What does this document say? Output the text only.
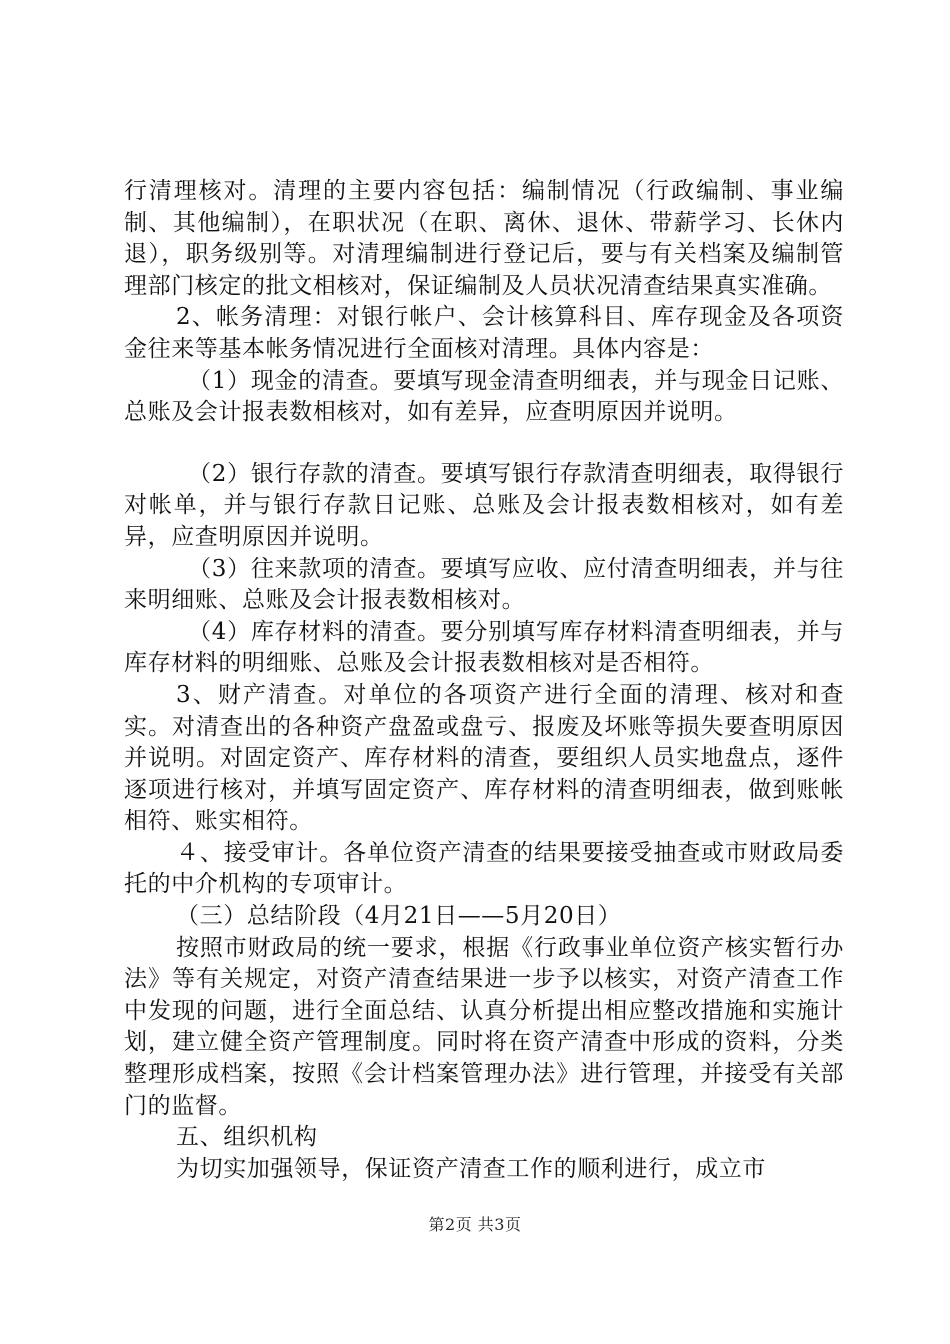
行清理核对。清理的主要内容包括：编制情况（行政编制、事业编制、其他编制），在职状况（在职、离休、退休、带薪学习、长休内退），职务级别等。对清理编制进行登记后，要与有关档案及编制管理部门核定的批文相核对，保证编制及人员状况清查结果真实准确。

2、帐务清理：对银行帐户、会计核算科目、库存现金及各项资金往来等基本帐务情况进行全面核对清理。具体内容是：

（1）现金的清查。要填写现金清查明细表，并与现金日记账、总账及会计报表数相核对，如有差异，应查明原因并说明。

（2）银行存款的清查。要填写银行存款清查明细表，取得银行对帐单，并与银行存款日记账、总账及会计报表数相核对，如有差异，应查明原因并说明。

（3）往来款项的清查。要填写应收、应付清查明细表，并与往来明细账、总账及会计报表数相核对。

（4）库存材料的清查。要分别填写库存材料清查明细表，并与库存材料的明细账、总账及会计报表数相核对是否相符。

3、财产清查。对单位的各项资产进行全面的清理、核对和查实。对清查出的各种资产盘盈或盘亏、报废及坏账等损失要查明原因并说明。对固定资产、库存材料的清查，要组织人员实地盘点，逐件逐项进行核对，并填写固定资产、库存材料的清查明细表，做到账帐相符、账实相符。

４、接受审计。各单位资产清查的结果要接受抽查或市财政局委托的中介机构的专项审计。

（三）总结阶段（4月21日——5月20日）

按照市财政局的统一要求，根据《行政事业单位资产核实暂行办法》等有关规定，对资产清查结果进一步予以核实，对资产清查工作中发现的问题，进行全面总结、认真分析提出相应整改措施和实施计划，建立健全资产管理制度。同时将在资产清查中形成的资料，分类整理形成档案，按照《会计档案管理办法》进行管理，并接受有关部门的监督。

五、组织机构

为切实加强领导，保证资产清查工作的顺利进行，成立市

第2页 共3页
